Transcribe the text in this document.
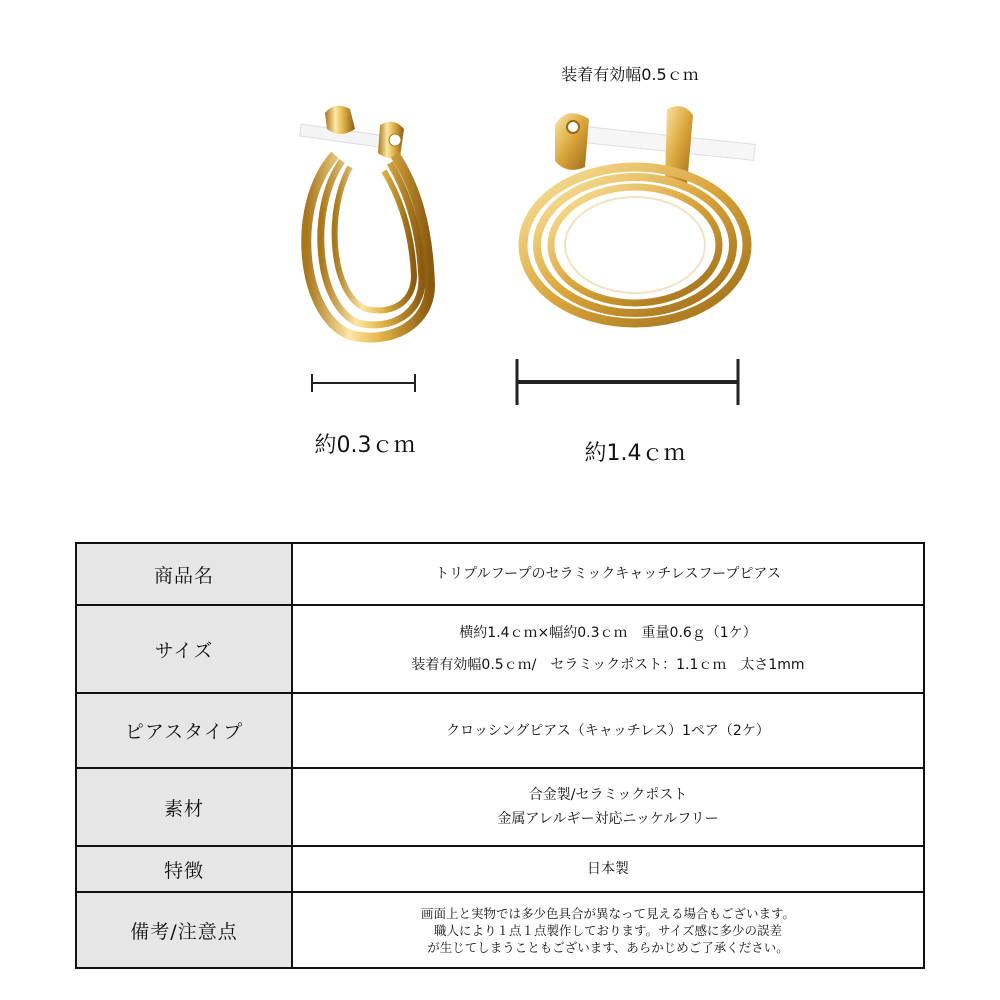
装着有効幅0.5ｃｍ
約0.3ｃｍ	約1.4ｃｍ
商品名	トリプルフープのセラミックキャッチレスフープピアス

サイズ	横約1.4ｃｍ×幅約0.3ｃｍ　重量0.6ｇ（1ケ）
装着有効幅0.5ｃｍ/　セラミックポスト：1.1ｃｍ　太さ1mm

ピアスタイプ	クロッシングピアス（キャッチレス）1ペア（2ケ）

素材	合金製/セラミックポスト
金属アレルギー対応ニッケルフリー

特徴	日本製

備考/注意点	画面上と実物では多少色具合が異なって見える場合もございます。
職人により１点１点製作しております。サイズ感に多少の誤差
が生じてしまうこともございます、あらかじめご了承ください。
